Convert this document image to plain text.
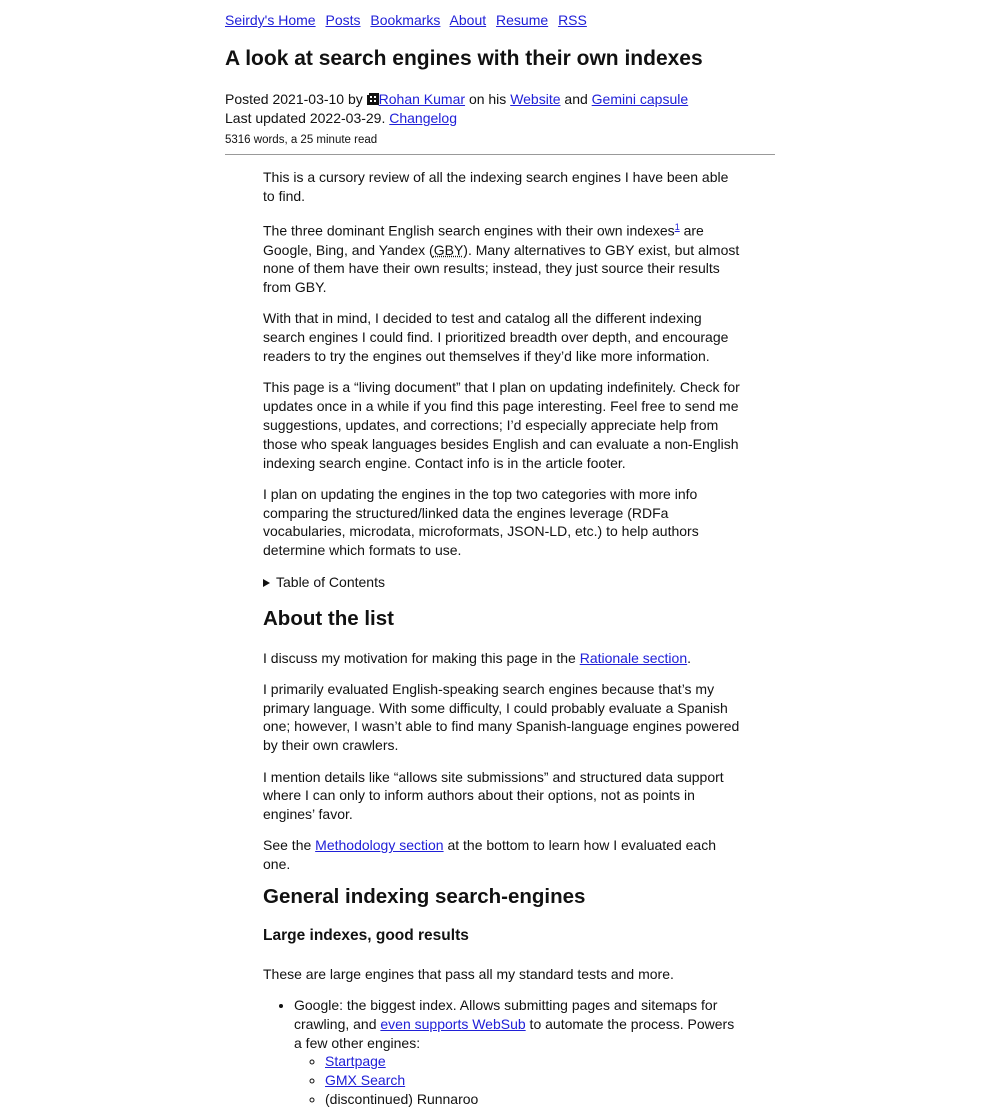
Seirdy's Home Posts Bookmarks About Resume RSS
A look at search engines with their own indexes
Posted 2021-03-10 by Rohan Kumar on his Website and Gemini capsule
Last updated 2022-03-29. Changelog
5316 words, a 25 minute read

This is a cursory review of all the indexing search engines I have been able to find.

The three dominant English search engines with their own indexes$^1$ are Google, Bing, and Yandex (GBY). Many alternatives to GBY exist, but almost none of them have their own results; instead, they just source their results from GBY.

With that in mind, I decided to test and catalog all the different indexing search engines I could find. I prioritized breadth over depth, and encourage readers to try the engines out themselves if they’d like more information.

This page is a “living document” that I plan on updating indefinitely. Check for updates once in a while if you find this page interesting. Feel free to send me suggestions, updates, and corrections; I’d especially appreciate help from those who speak languages besides English and can evaluate a non-English indexing search engine. Contact info is in the article footer.

I plan on updating the engines in the top two categories with more info comparing the structured/linked data the engines leverage (RDFa vocabularies, microdata, microformats, JSON-LD, etc.) to help authors determine which formats to use.

Table of Contents
About the list

I discuss my motivation for making this page in the Rationale section.

I primarily evaluated English-speaking search engines because that’s my primary language. With some difficulty, I could probably evaluate a Spanish one; however, I wasn’t able to find many Spanish-language engines powered by their own crawlers.

I mention details like “allows site submissions” and structured data support where I can only to inform authors about their options, not as points in engines’ favor.

See the Methodology section at the bottom to learn how I evaluated each one.

General indexing search-engines
Large indexes, good results

These are large engines that pass all my standard tests and more.

• Google: the biggest index. Allows submitting pages and sitemaps for crawling, and even supports WebSub to automate the process. Powers a few other engines:
◦ Startpage
◦ GMX Search
◦ (discontinued) Runnaroo
